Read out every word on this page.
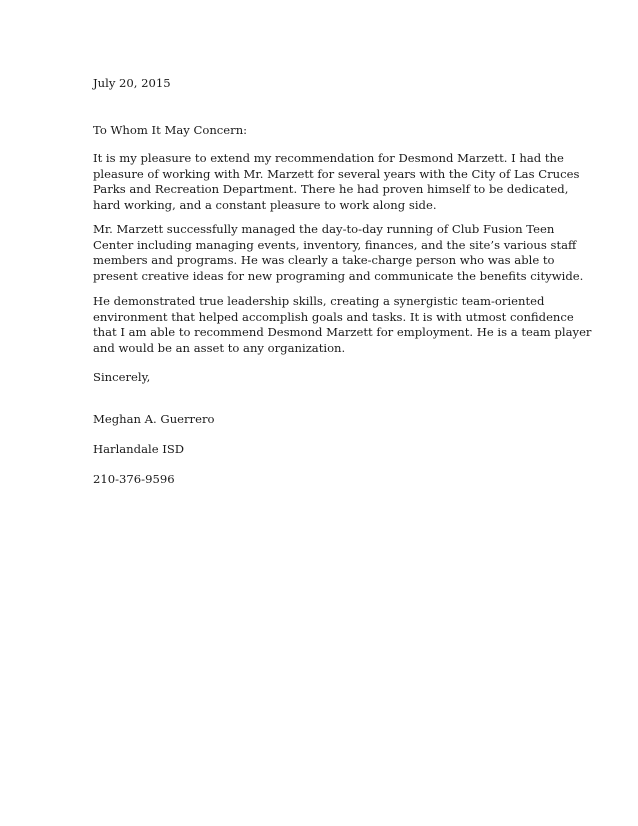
July 20, 2015
To Whom It May Concern:
It is my pleasure to extend my recommendation for Desmond Marzett. I had the
pleasure of working with Mr. Marzett for several years with the City of Las Cruces
Parks and Recreation Department. There he had proven himself to be dedicated,
hard working, and a constant pleasure to work along side.
Mr. Marzett successfully managed the day-to-day running of Club Fusion Teen
Center including managing events, inventory, finances, and the site’s various staff
members and programs. He was clearly a take-charge person who was able to
present creative ideas for new programing and communicate the benefits citywide.
He demonstrated true leadership skills, creating a synergistic team-oriented
environment that helped accomplish goals and tasks. It is with utmost confidence
that I am able to recommend Desmond Marzett for employment. He is a team player
and would be an asset to any organization.
Sincerely,
Meghan A. Guerrero
Harlandale ISD
210-376-9596
